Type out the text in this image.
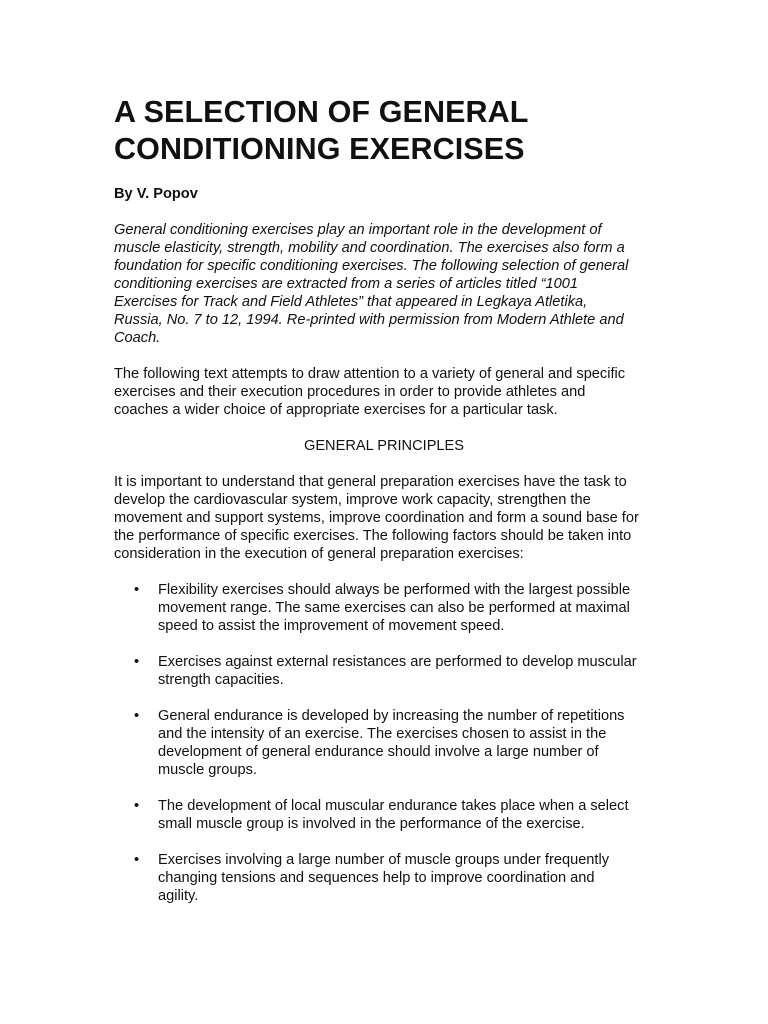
A SELECTION OF GENERAL
CONDITIONING EXERCISES

By V. Popov

General conditioning exercises play an important role in the development of
muscle elasticity, strength, mobility and coordination. The exercises also form a
foundation for specific conditioning exercises. The following selection of general
conditioning exercises are extracted from a series of articles titled “1001
Exercises for Track and Field Athletes” that appeared in Legkaya Atletika,
Russia, No. 7 to 12, 1994. Re-printed with permission from Modern Athlete and
Coach.
The following text attempts to draw attention to a variety of general and specific
exercises and their execution procedures in order to provide athletes and
coaches a wider choice of appropriate exercises for a particular task.
GENERAL PRINCIPLES
It is important to understand that general preparation exercises have the task to
develop the cardiovascular system, improve work capacity, strengthen the
movement and support systems, improve coordination and form a sound base for
the performance of specific exercises. The following factors should be taken into
consideration in the execution of general preparation exercises:
• Flexibility exercises should always be performed with the largest possible
movement range. The same exercises can also be performed at maximal
speed to assist the improvement of movement speed.
• Exercises against external resistances are performed to develop muscular
strength capacities.
• General endurance is developed by increasing the number of repetitions
and the intensity of an exercise. The exercises chosen to assist in the
development of general endurance should involve a large number of
muscle groups.
• The development of local muscular endurance takes place when a select
small muscle group is involved in the performance of the exercise.
• Exercises involving a large number of muscle groups under frequently
changing tensions and sequences help to improve coordination and
agility.
